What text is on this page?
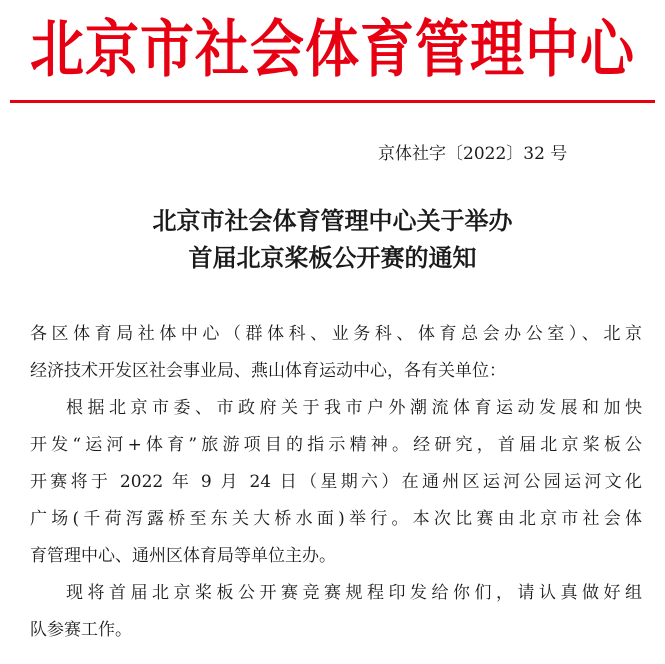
北京市社会体育管理中心
京体社字〔2022〕32 号
北京市社会体育管理中心关于举办
首届北京桨板公开赛的通知
各区体育局社体中心（群体科、业务科、体育总会办公室）、北京
经济技术开发区社会事业局、燕山体育运动中心，各有关单位：
根据北京市委、市政府关于我市户外潮流体育运动发展和加快
开发“运河+体育”旅游项目的指示精神。经研究，首届北京桨板公
开赛将于 2022 年 9 月 24 日（星期六）在通州区运河公园运河文化
广场(千荷泻露桥至东关大桥水面)举行。本次比赛由北京市社会体
育管理中心、通州区体育局等单位主办。
现将首届北京桨板公开赛竞赛规程印发给你们，请认真做好组
队参赛工作。
